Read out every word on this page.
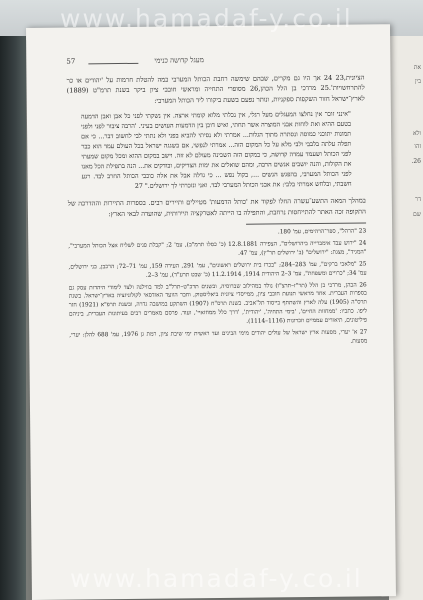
את
בין
ולא
זהו
26.
דר
שם
57	מעגל קדושה כנימי

הציונית,23 24 אך היו גם מקרים, שבהם שימשה רחבת הכותל המערבי במה להטלת חרמות על 'יהודים או כר להתרחשויות'.25 מרדכי בן הלל הכהן,26 מסופרי התחייה ומראשי חובבי ציון ביקר בשנת תרמ"ט (1889) לארץ־ישראל חזור השקפות ספקניות, ונותר נפעם בשעת ביקורו ליד הכותל המערבי:

"אינני זוכר אין נחלצו המעגלים מעל רגלי, אין נכלתי מלוא קומתי ארצה. אין נשקתי לפני כל אבן ואבן הדמעה בטעם ההיא ואת לוחות אבני המוצרה אשר תחתי, ואיש דוכן בין הדמעות העושים בעיני. 'הרבה ציבור לפני ולפני תמונות יתוכני כמוסה ונסתרה מתוך הגלות... אמרתי ולא נסיתי להביא בפני ולא נתתי לבי לחשוב דבר... כי אם תפלה עלתה בלבבי ולבי מלא על כל המקום הזה... אמרתי לנפשי, אם בשגגה ישראל בכל העולם עמד הוא כבר לפני הכותל ושעמד עמדה קדושה, כי במקום הזה השכינה מעולם לא זזה. וישב במקום ההוא ומכל מקום שמעתי את הקולות, והנה יושבים אנשים הרבה, ומהם שואלים את ימות הצדיקים, ובודקים את... הנה בתפילת הכל מאנו לפני הכותל המערבי, בהפגש הנשים ..., בקול נפש ... כי גדלה אבל את אלה כוכבי הכותל החרב לבד. רגע חשבתי, ובלחש אמרתי בלבי: את אבני הכותל המערבי לבד. ואני ונזכרתי לך ירושלים." 27

במהלך המאה התשע־עשרה החלו לפקוד את 'כותל הדמעות' מטיילים ותיירים רבים. בספרות התיירות וההדרכה של התקופה זכה האתר להתייחסות נרחבת, והתפילה בו הייתה לאטרקציה תיירותית, שהועדה לבאי הארץ:

23 "הרהל", ספר־הרהימים, עמ' 180.

24 "ירוש עבד אימברייה ביהרושלים", הצפירה 12.8.1881 (כ' כסלו תרמ"ב), עמ' 2; "קבלת פנים לשליח אצל הכותל המערבי", "המגיד", מצגת: "ירושלים" (ב' ירושלים תר"ץ), עמ' 47.

25 "מלאכי ברקים", עמ' 283–284; "בכרז בית ירושלים ראשונים", עמ' 291, העידה 159, עמ' 71–72; הרכבן, בני ירושלים, עמ' 34; "כרויים ומשפחת", עמ' 3–2 היהודית 1914, 11.2.1914 (כ' שבט תרע"ד), עמ' 3–2.

26 הכהן, מרדכי בן הלל (תר"ז–תרצ"ו) נולד במהילוב שברוסיה, ובשנים תרכ"ט–תרל"ב למד בווילנה ולצד לימודי היהדות עסק גם בספרות העברית. אחד מראשי תנועת חובבי ציון, ממייסדי ציונית ביאליסטוק, וחבר הוועד האודסאי לקולוניזציה בארץ־ישראל. בשנת תרס"ה (1905) עלה לארץ והשתתף בייסוד תל־אביב. בשנת תרס"ח (1907) השתקע במושבה גדרה, ובשנת תרפ"א (1921) חזר ליפו. כתביו: 'ממחזות החיים', 'בימי התחיה', 'יהודית', 'דרך כלל ממחזאיי', ועוד. פרסם מאמרים רבים בעיתונות העברית, ביניהם פיליטונים, תיאורים עממיים וזכרונות (1116–1114).

27 א' יערי, מסעות ארץ ישראל של עולים יהודים מימי הבינים ועד ראשית ימי שיבת ציון, רמת גן 1976, עמ' 688 להלן: יערי, מסעות.

www.hamadaf-y.co.il
www.hamadaf-y.co.il
